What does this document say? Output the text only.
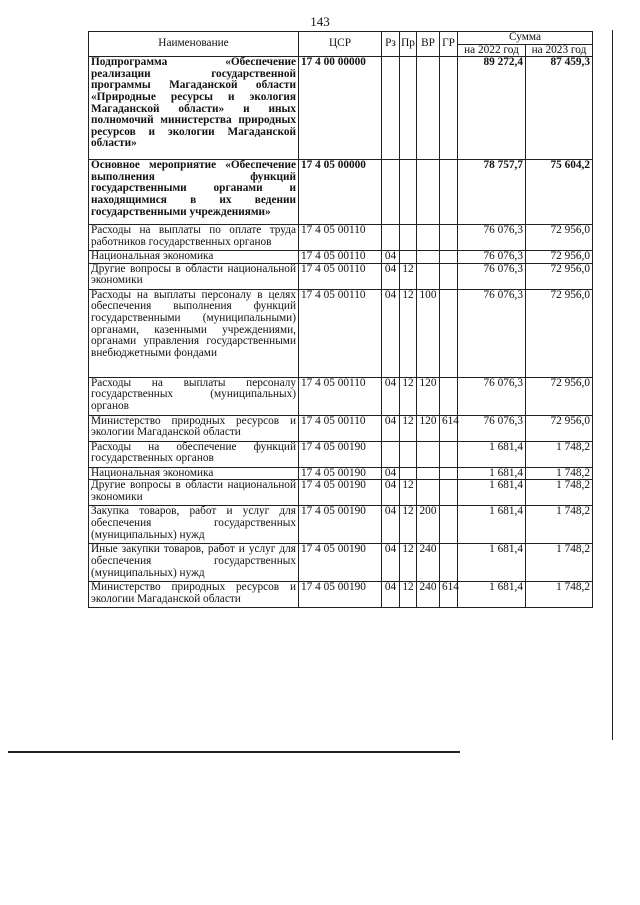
143
Наименование	ЦСР	Рз	Пр	ВР	ГР	Сумма	
						на 2022 год	на 2023 год
Подпрограмма «Обеспечение реализации государственной программы Магаданской области «Природные ресурсы и экология Магаданской области» и иных полномочий министерства природных ресурсов и экологии Магаданской области»	17 4 00 00000					89 272,4	87 459,3
Основное мероприятие «Обеспечение выполнения функций государственными органами и находящимися в их ведении государственными учреждениями»	17 4 05 00000					78 757,7	75 604,2
Расходы на выплаты по оплате труда работников государственных органов	17 4 05 00110					76 076,3	72 956,0
Национальная экономика	17 4 05 00110	04				76 076,3	72 956,0
Другие вопросы в области национальной экономики	17 4 05 00110	04	12			76 076,3	72 956,0
Расходы на выплаты персоналу в целях обеспечения выполнения функций государственными (муниципальными) органами, казенными учреждениями, органами управления государственными внебюджетными фондами	17 4 05 00110	04	12	100		76 076,3	72 956,0
Расходы на выплаты персоналу государственных (муниципальных) органов	17 4 05 00110	04	12	120		76 076,3	72 956,0
Министерство природных ресурсов и экологии Магаданской области	17 4 05 00110	04	12	120	614	76 076,3	72 956,0
Расходы на обеспечение функций государственных органов	17 4 05 00190					1 681,4	1 748,2
Национальная экономика	17 4 05 00190	04				1 681,4	1 748,2
Другие вопросы в области национальной экономики	17 4 05 00190	04	12			1 681,4	1 748,2
Закупка товаров, работ и услуг для обеспечения государственных (муниципальных) нужд	17 4 05 00190	04	12	200		1 681,4	1 748,2
Иные закупки товаров, работ и услуг для обеспечения государственных (муниципальных) нужд	17 4 05 00190	04	12	240		1 681,4	1 748,2
Министерство природных ресурсов и экологии Магаданской области	17 4 05 00190	04	12	240	614	1 681,4	1 748,2
